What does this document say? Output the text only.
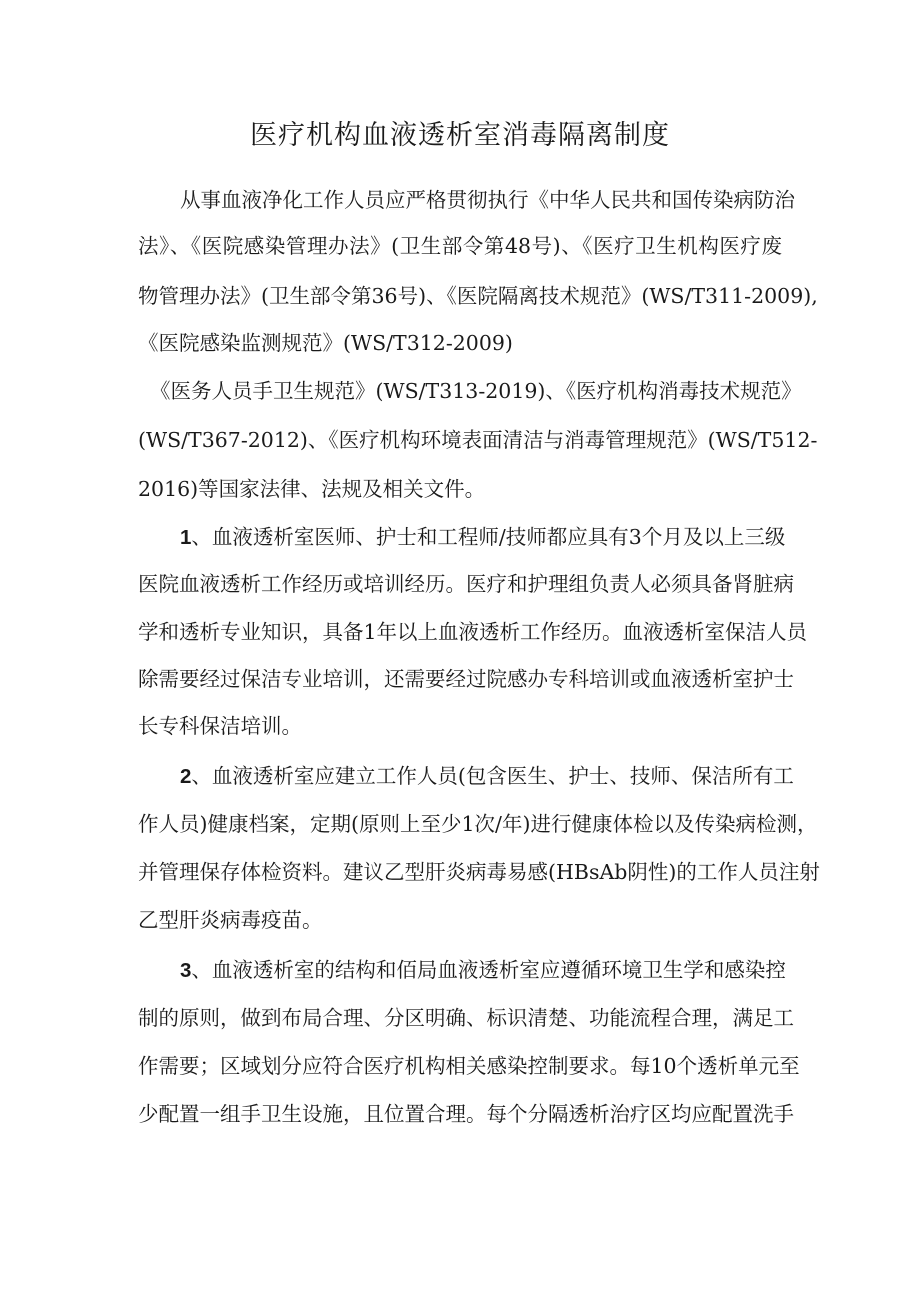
医疗机构血液透析室消毒隔离制度
从事血液净化工作人员应严格贯彻执行《中华人民共和国传染病防治
法》、《医院感染管理办法》(卫生部令第48号)、《医疗卫生机构医疗废
物管理办法》(卫生部令第36号)、《医院隔离技术规范》(WS/T311-2009),
《医院感染监测规范》(WS/T312-2009)
《医务人员手卫生规范》(WS/T313-2019)、《医疗机构消毒技术规范》
(WS/T367-2012)、《医疗机构环境表面清洁与消毒管理规范》(WS/T512-
2016)等国家法律、法规及相关文件。
1、血液透析室医师、护士和工程师/技师都应具有3个月及以上三级
医院血液透析工作经历或培训经历。医疗和护理组负责人必须具备肾脏病
学和透析专业知识，具备1年以上血液透析工作经历。血液透析室保洁人员
除需要经过保洁专业培训，还需要经过院感办专科培训或血液透析室护士
长专科保洁培训。
2、血液透析室应建立工作人员(包含医生、护士、技师、保洁所有工
作人员)健康档案，定期(原则上至少1次/年)进行健康体检以及传染病检测，
并管理保存体检资料。建议乙型肝炎病毒易感(HBsAb阴性)的工作人员注射
乙型肝炎病毒疫苗。
3、血液透析室的结构和佰局血液透析室应遵循环境卫生学和感染控
制的原则，做到布局合理、分区明确、标识清楚、功能流程合理，满足工
作需要；区域划分应符合医疗机构相关感染控制要求。每10个透析单元至
少配置一组手卫生设施，且位置合理。每个分隔透析治疗区均应配置洗手
